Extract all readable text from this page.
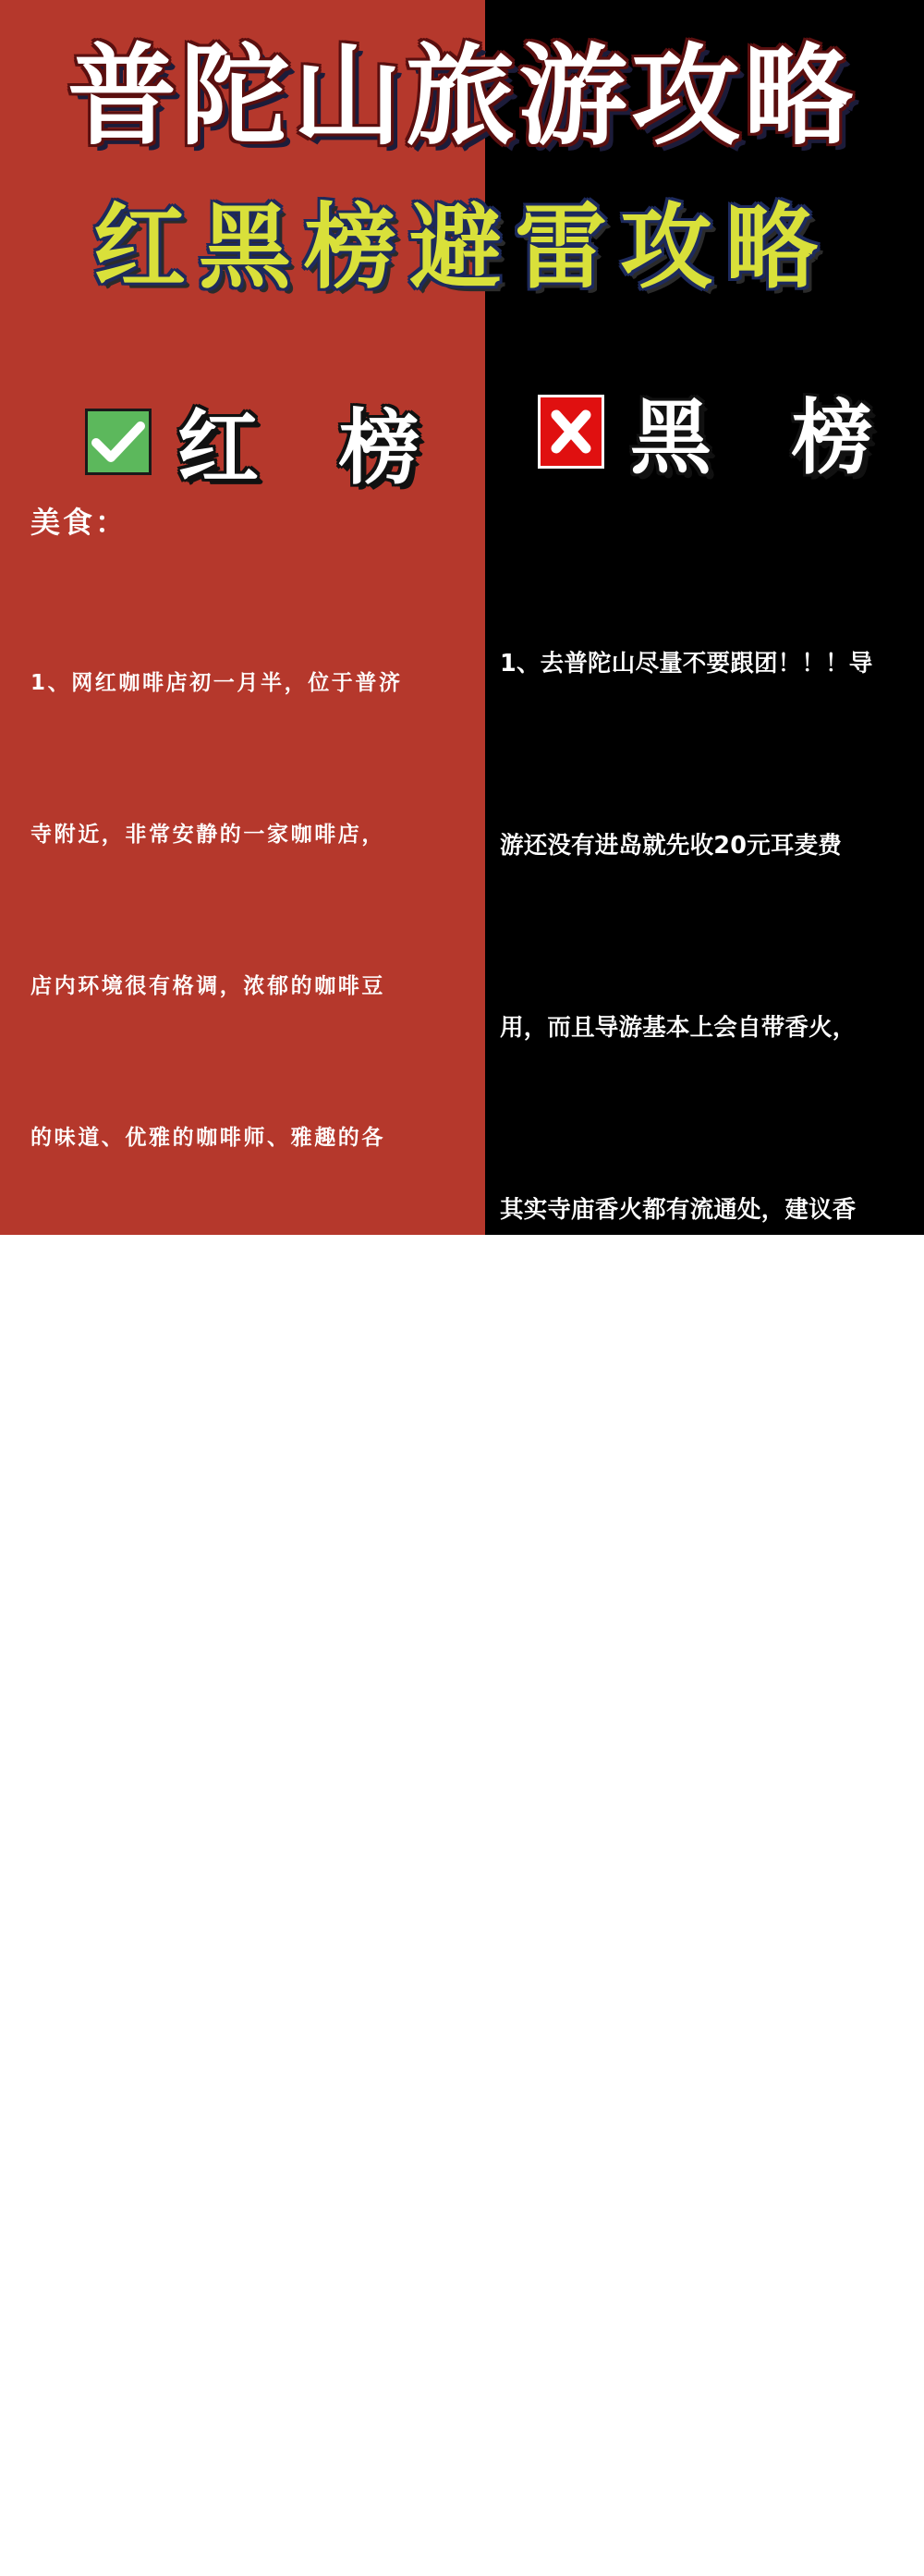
普陀山旅游攻略
红黑榜避雷攻略
红 榜 黑 榜
美食：

1、网红咖啡店初一月半，位于普济

寺附近，非常安静的一家咖啡店，

店内环境很有格调，浓郁的咖啡豆

的味道、优雅的咖啡师、雅趣的各

种小物件，非常适合中途停留休息~

咖啡价格中等，还有各种礼佛香和

具有纪念意义的手提袋（上次去买

了一个求姻缘的御守回家，不久就

脱单啦）

2、很推荐去龙沙小区附近的素食餐

厅，20几块一个人，味道还不错，

人很多热闹，附近也有各种好吃

的，吃完逛逛也是非常不错的。

1、去普陀山尽量不要跟团！！！导

游还没有进岛就先收20元耳麦费

用，而且导游基本上会自带香火，

其实寺庙香火都有流通处，建议香

火去正规地方购买~

2、饮食：普陀山景区里面吃饭比较

贵，这个得做好心理准备！零食、

面包、水建议能带自己带一点！去

过网红店原汁原味，几个菜比外面

贵好几倍，说实话不太划算，个人

建议礼佛还是吃清淡一点！
